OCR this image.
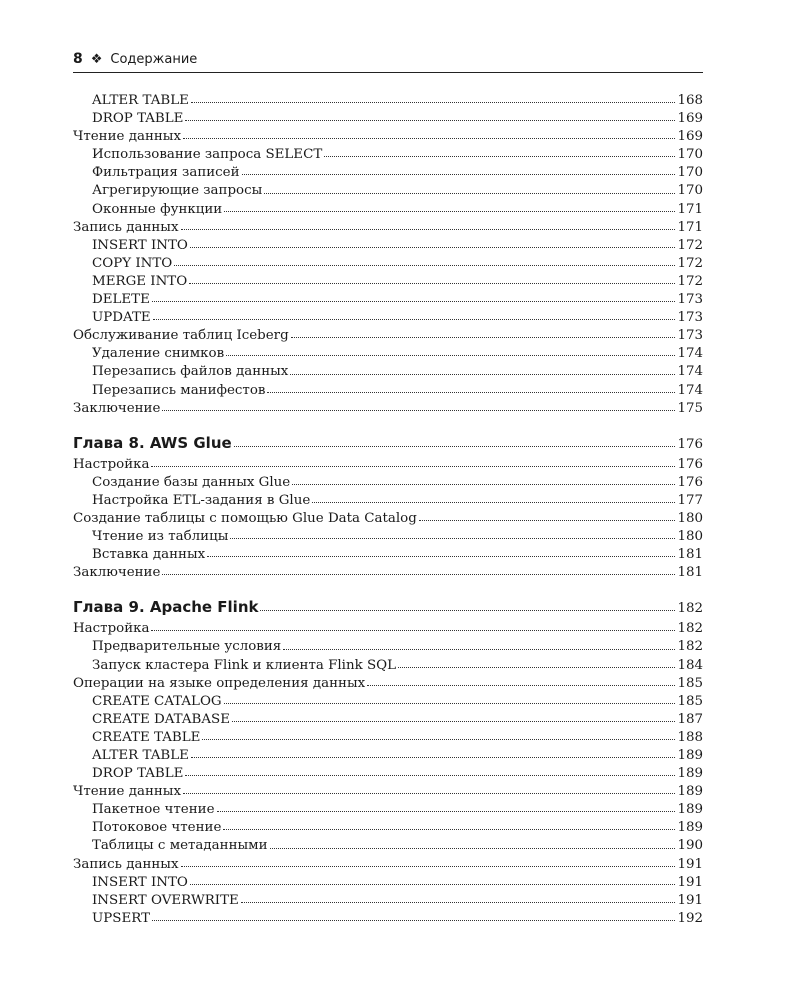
8 ❖ Содержание
ALTER TABLE	168
DROP TABLE	169
Чтение данных	169
Использование запроса SELECT	170
Фильтрация записей	170
Агрегирующие запросы	170
Оконные функции	171
Запись данных	171
INSERT INTO	172
COPY INTO	172
MERGE INTO	172
DELETE	173
UPDATE	173
Обслуживание таблиц Iceberg	173
Удаление снимков	174
Перезапись файлов данных	174
Перезапись манифестов	174
Заключение	175
Глава 8. AWS Glue	176
Настройка	176
Создание базы данных Glue	176
Настройка ETL-задания в Glue	177
Создание таблицы с помощью Glue Data Catalog	180
Чтение из таблицы	180
Вставка данных	181
Заключение	181
Глава 9. Apache Flink	182
Настройка	182
Предварительные условия	182
Запуск кластера Flink и клиента Flink SQL	184
Операции на языке определения данных	185
CREATE CATALOG	185
CREATE DATABASE	187
CREATE TABLE	188
ALTER TABLE	189
DROP TABLE	189
Чтение данных	189
Пакетное чтение	189
Потоковое чтение	189
Таблицы с метаданными	190
Запись данных	191
INSERT INTO	191
INSERT OVERWRITE	191
UPSERT	192
